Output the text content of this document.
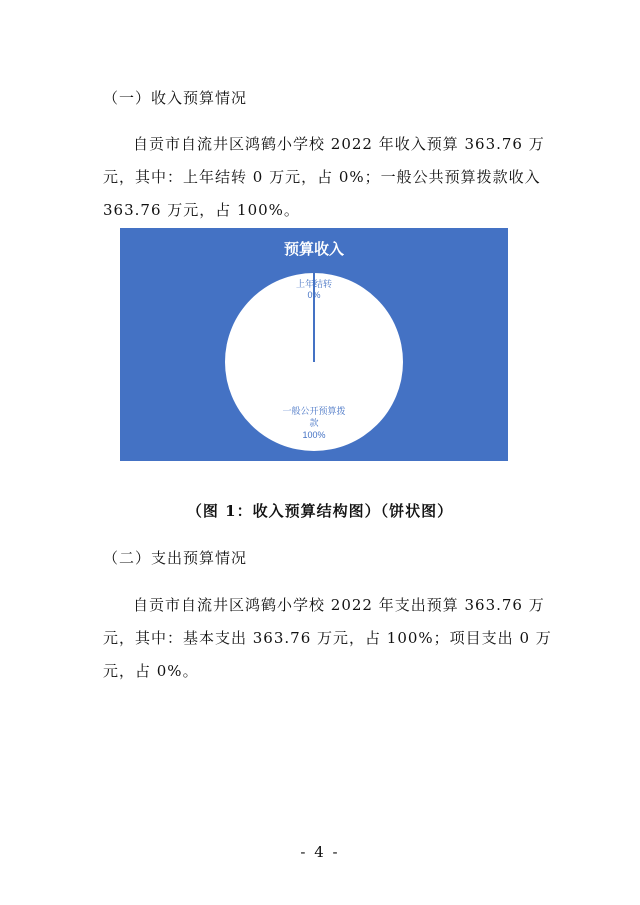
（一）收入预算情况
自贡市自流井区鸿鹤小学校 2022 年收入预算 363.76 万
元，其中：上年结转 0 万元，占 0%；一般公共预算拨款收入
363.76 万元，占 100%。
预算收入
上年结转 0%
一般公开预算拨款 100%
（图 1：收入预算结构图）（饼状图）
（二）支出预算情况
自贡市自流井区鸿鹤小学校 2022 年支出预算 363.76 万
元，其中：基本支出 363.76 万元，占 100%；项目支出 0 万
元，占 0%。
- 4 -
